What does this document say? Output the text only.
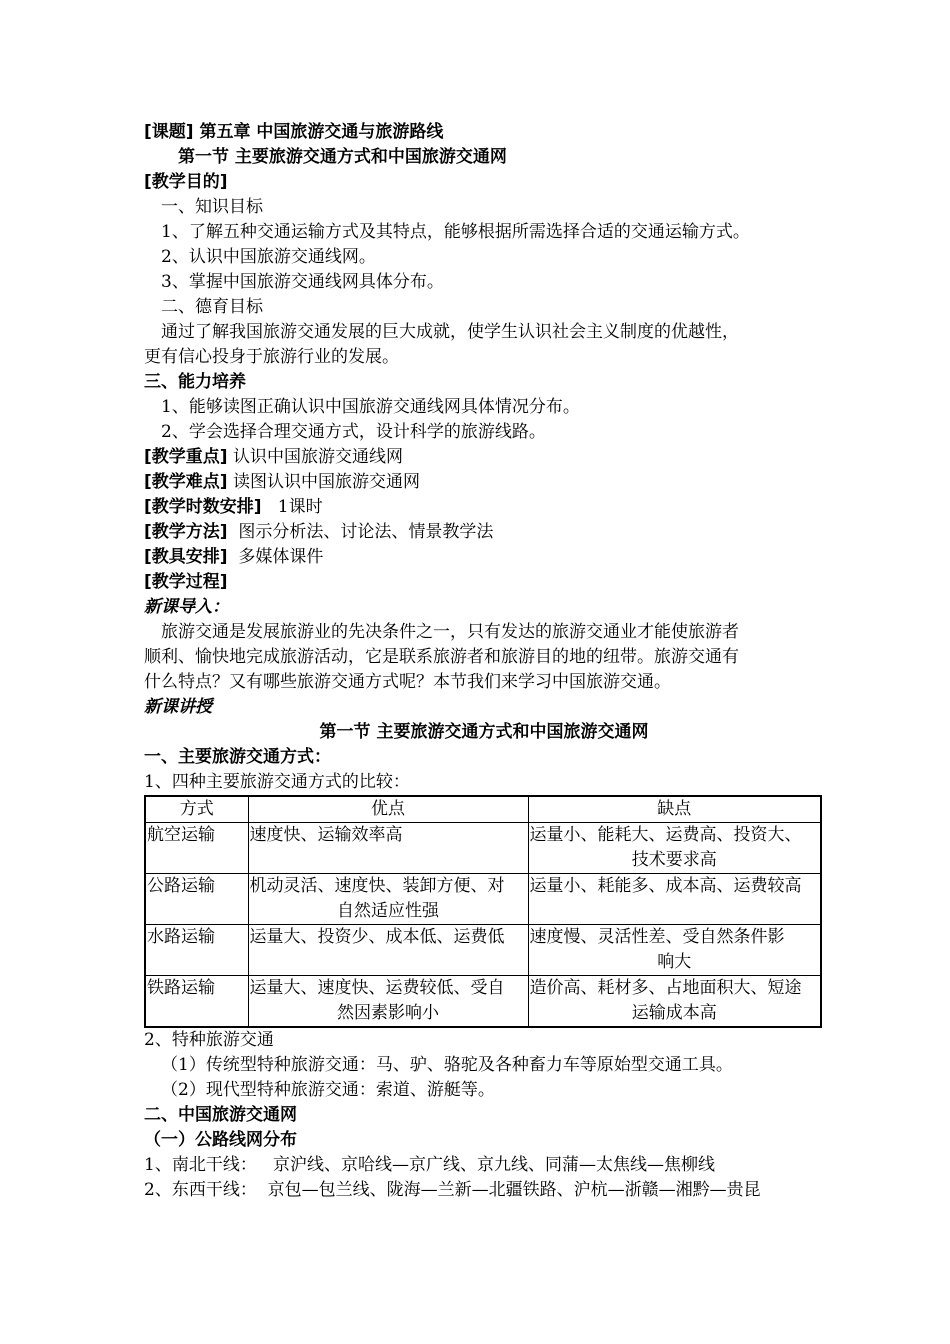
[课题] 第五章 中国旅游交通与旅游路线
第一节 主要旅游交通方式和中国旅游交通网
[教学目的]
一、知识目标
1、了解五种交通运输方式及其特点，能够根据所需选择合适的交通运输方式。
2、认识中国旅游交通线网。
3、掌握中国旅游交通线网具体分布。
二、德育目标
通过了解我国旅游交通发展的巨大成就，使学生认识社会主义制度的优越性，
更有信心投身于旅游行业的发展。
三、能力培养
1、能够读图正确认识中国旅游交通线网具体情况分布。
2、学会选择合理交通方式，设计科学的旅游线路。
[教学重点] 认识中国旅游交通线网
[教学难点] 读图认识中国旅游交通网
[教学时数安排]   1课时
[教学方法]  图示分析法、讨论法、情景教学法
[教具安排]  多媒体课件
[教学过程]
新课导入：
旅游交通是发展旅游业的先决条件之一，只有发达的旅游交通业才能使旅游者
顺利、愉快地完成旅游活动，它是联系旅游者和旅游目的地的纽带。旅游交通有
什么特点？又有哪些旅游交通方式呢？本节我们来学习中国旅游交通。
新课讲授
第一节 主要旅游交通方式和中国旅游交通网
一、主要旅游交通方式：
1、四种主要旅游交通方式的比较：
方式	优点	缺点
航空运输	速度快、运输效率高	运量小、能耗大、运费高、投资大、
技术要求高

公路运输	机动灵活、速度快、装卸方便、对
自然适应性强	运量小、耗能多、成本高、运费较高

水路运输	运量大、投资少、成本低、运费低	速度慢、灵活性差、受自然条件影
响大

铁路运输	运量大、速度快、运费较低、受自
然因素影响小	造价高、耗材多、占地面积大、短途
运输成本高
2、特种旅游交通
（1）传统型特种旅游交通：马、驴、骆驼及各种畜力车等原始型交通工具。
（2）现代型特种旅游交通：索道、游艇等。
二、中国旅游交通网
（一）公路线网分布
1、南北干线：   京沪线、京哈线—京广线、京九线、同蒲—太焦线—焦柳线
2、东西干线：  京包—包兰线、陇海—兰新—北疆铁路、沪杭—浙赣—湘黔—贵昆
